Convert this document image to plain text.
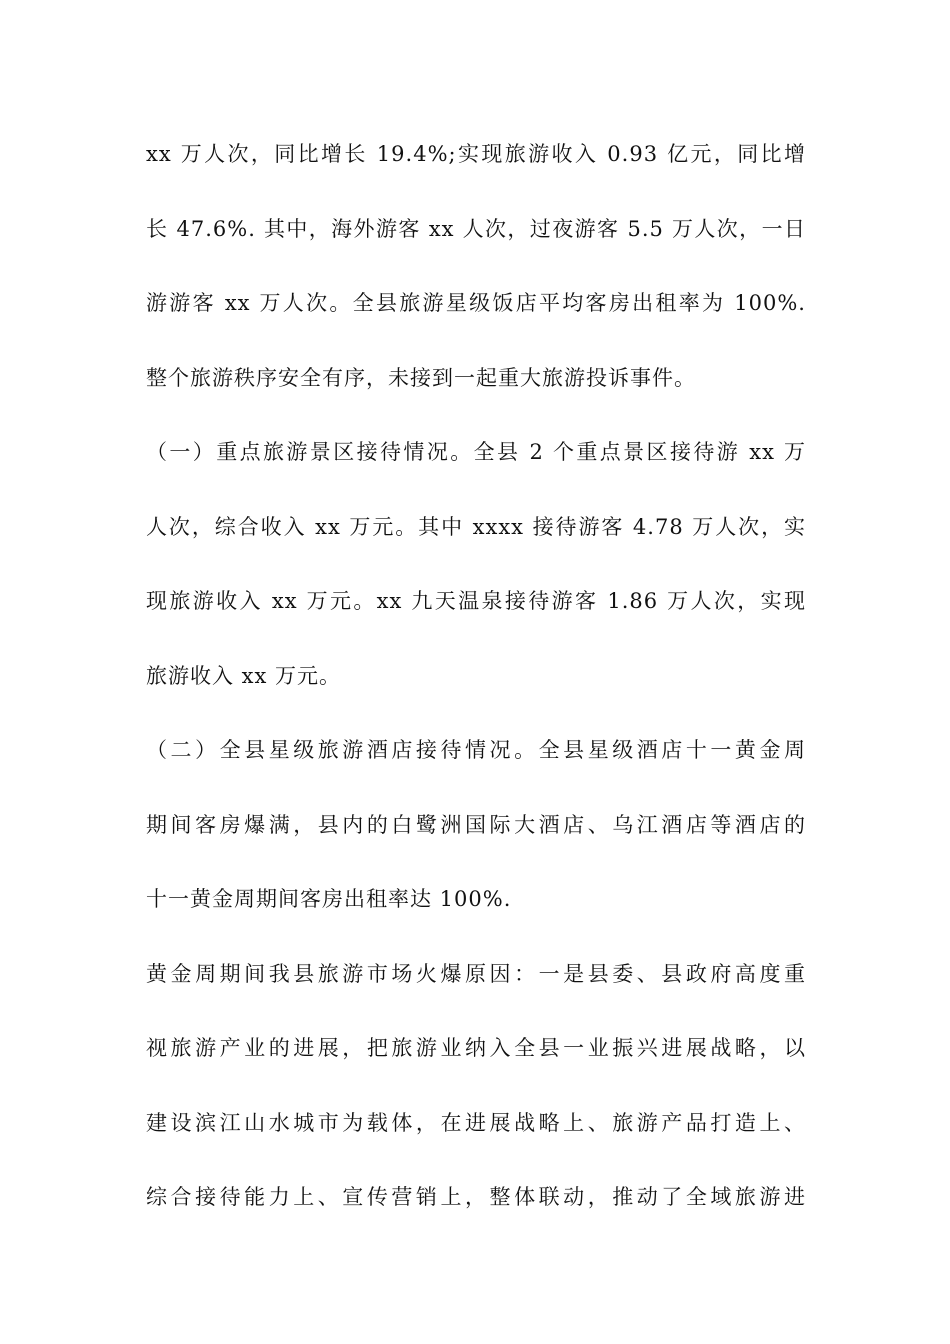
xx 万人次，同比增长 19.4%;实现旅游收入 0.93 亿元，同比增
长 47.6%. 其中，海外游客 xx 人次，过夜游客 5.5 万人次，一日
游游客 xx 万人次。全县旅游星级饭店平均客房出租率为 100%.
整个旅游秩序安全有序，未接到一起重大旅游投诉事件。
（一）重点旅游景区接待情况。全县 2 个重点景区接待游 xx 万
人次，综合收入 xx 万元。其中 xxxx 接待游客 4.78 万人次，实
现旅游收入 xx 万元。xx 九天温泉接待游客 1.86 万人次，实现
旅游收入 xx 万元。
（二）全县星级旅游酒店接待情况。全县星级酒店十一黄金周
期间客房爆满，县内的白鹭洲国际大酒店、乌江酒店等酒店的
十一黄金周期间客房出租率达 100%.
黄金周期间我县旅游市场火爆原因：一是县委、县政府高度重
视旅游产业的进展，把旅游业纳入全县一业振兴进展战略，以
建设滨江山水城市为载体，在进展战略上、旅游产品打造上、
综合接待能力上、宣传营销上，整体联动，推动了全域旅游进
